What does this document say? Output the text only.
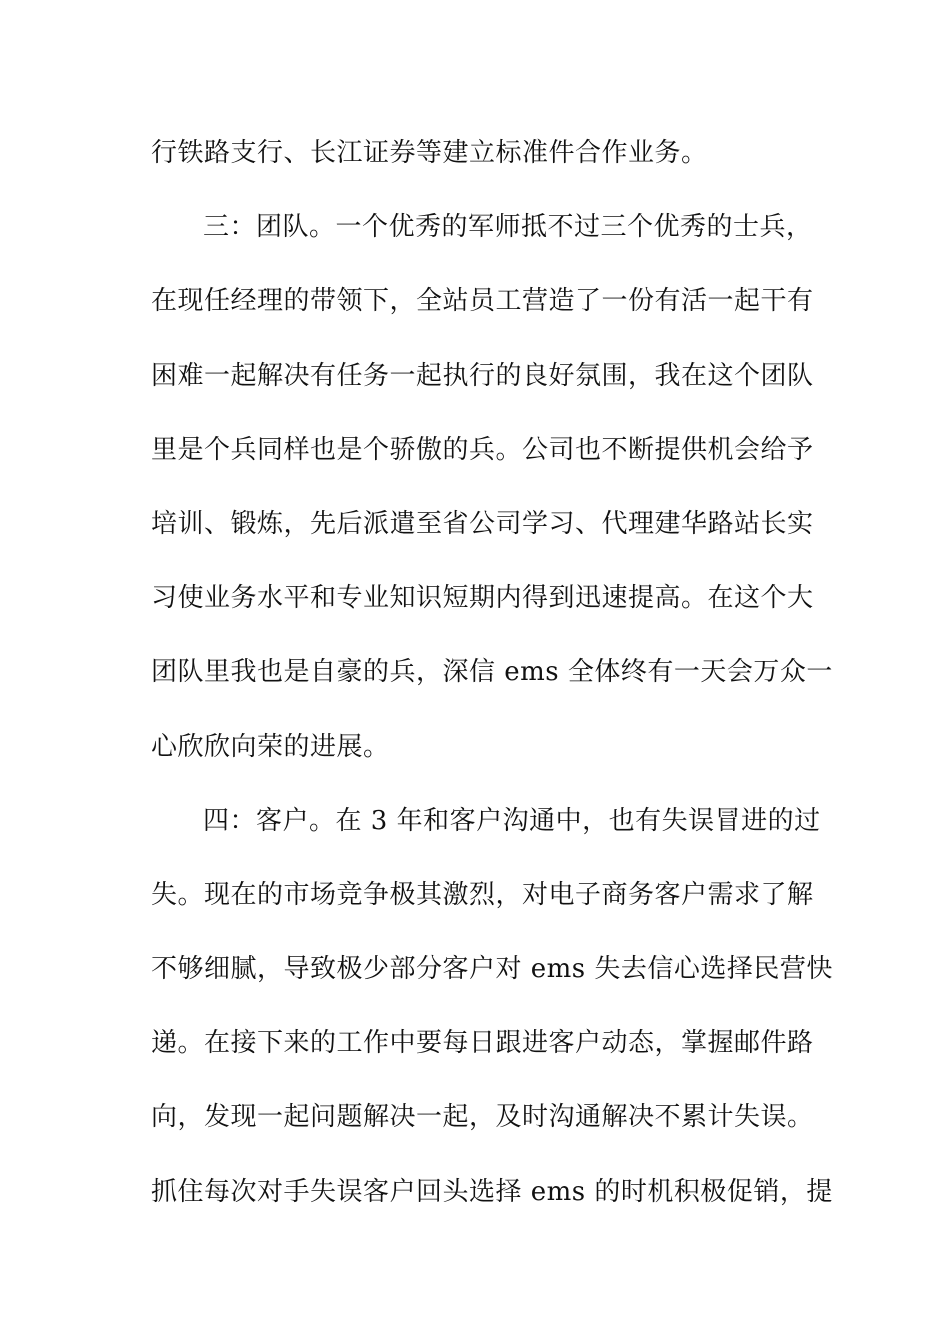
行铁路支行、长江证券等建立标准件合作业务。
三：团队。一个优秀的军师抵不过三个优秀的士兵，
在现任经理的带领下，全站员工营造了一份有活一起干有
困难一起解决有任务一起执行的良好氛围，我在这个团队
里是个兵同样也是个骄傲的兵。公司也不断提供机会给予
培训、锻炼，先后派遣至省公司学习、代理建华路站长实
习使业务水平和专业知识短期内得到迅速提高。在这个大
团队里我也是自豪的兵，深信 ems 全体终有一天会万众一
心欣欣向荣的进展。
四：客户。在 3 年和客户沟通中，也有失误冒进的过
失。现在的市场竞争极其激烈，对电子商务客户需求了解
不够细腻，导致极少部分客户对 ems 失去信心选择民营快
递。在接下来的工作中要每日跟进客户动态，掌握邮件路
向，发现一起问题解决一起，及时沟通解决不累计失误。
抓住每次对手失误客户回头选择 ems 的时机积极促销，提
